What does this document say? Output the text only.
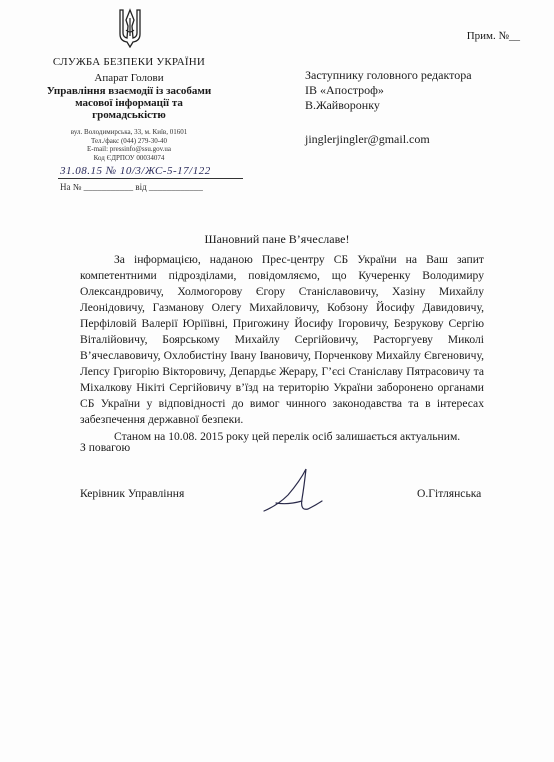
СЛУЖБА БЕЗПЕКИ УКРАЇНИ
Апарат Голови
Управління взаємодії із засобами масової інформації та громадськістю
вул. Володимирська, 33, м. Київ, 01601
Тел./факс (044) 279-30-40
E-mail: pressinfo@ssu.gov.ua
Код ЄДРПОУ 00034074
31.08.15 № 10/3/ЖС-5-17/122
На № ___________ від ____________
Прим. №__
Заступнику головного редактора
ІВ «Апостроф»
В.Жайворонку
jinglerjingler@gmail.com
Шановний пане В’ячеславе!

За інформацією, наданою Прес-центру СБ України на Ваш запит компетентними підрозділами, повідомляємо, що Кучеренку Володимиру Олександровичу, Холмогорову Єгору Станіславовичу, Хазіну Михайлу Леонідовичу, Газманову Олегу Михайловичу, Кобзону Йосифу Давидовичу, Перфіловій Валерії Юріїівні, Пригожину Йосифу Ігоровичу, Безрукову Сергію Віталійовичу, Боярському Михайлу Сергійовичу, Расторгуеву Миколі В’ячеславовичу, Охлобистіну Івану Івановичу, Порченкову Михайлу Євгеновичу, Лепсу Григорію Вікторовичу, Депардьє Жерару, Г’єсі Станіславу Пятрасовичу та Міхалкову Нікіті Сергійовичу в’їзд на територію України заборонено органами СБ України у відповідності до вимог чинного законодавства та в інтересах забезпечення державної безпеки.

Станом на 10.08. 2015 року цей перелік осіб залишається актуальним.

З повагою
Керівник Управління	О.Гітлянська
